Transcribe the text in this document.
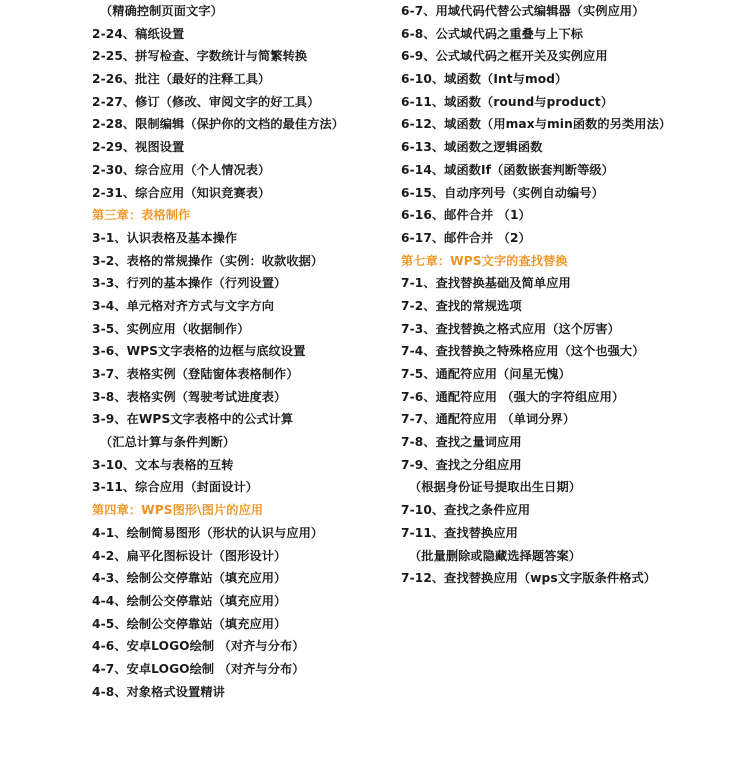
（精确控制页面文字）
2-24、稿纸设置
2-25、拼写检查、字数统计与简繁转换
2-26、批注（最好的注释工具）
2-27、修订（修改、审阅文字的好工具）
2-28、限制编辑（保护你的文档的最佳方法）
2-29、视图设置
2-30、综合应用（个人情况表）
2-31、综合应用（知识竞赛表）
第三章：表格制作
3-1、认识表格及基本操作
3-2、表格的常规操作（实例：收款收据）
3-3、行列的基本操作（行列设置）
3-4、单元格对齐方式与文字方向
3-5、实例应用（收据制作）
3-6、WPS文字表格的边框与底纹设置
3-7、表格实例（登陆窗体表格制作）
3-8、表格实例（驾驶考试进度表）
3-9、在WPS文字表格中的公式计算
（汇总计算与条件判断）
3-10、文本与表格的互转
3-11、综合应用（封面设计）
第四章：WPS图形\图片的应用
4-1、绘制简易图形（形状的认识与应用）
4-2、扁平化图标设计（图形设计）
4-3、绘制公交停靠站（填充应用）
4-4、绘制公交停靠站（填充应用）
4-5、绘制公交停靠站（填充应用）
4-6、安卓LOGO绘制 （对齐与分布）
4-7、安卓LOGO绘制 （对齐与分布）
4-8、对象格式设置精讲
6-7、用域代码代替公式编辑器（实例应用）
6-8、公式域代码之重叠与上下标
6-9、公式域代码之框开关及实例应用
6-10、域函数（Int与mod）
6-11、域函数（round与product）
6-12、域函数（用max与min函数的另类用法）
6-13、域函数之逻辑函数
6-14、域函数If（函数嵌套判断等级）
6-15、自动序列号（实例自动编号）
6-16、邮件合并 （1）
6-17、邮件合并 （2）
第七章：WPS文字的查找替换
7-1、查找替换基础及简单应用
7-2、查找的常规选项
7-3、查找替换之格式应用（这个厉害）
7-4、查找替换之特殊格应用（这个也强大）
7-5、通配符应用（问星无愧）
7-6、通配符应用 （强大的字符组应用）
7-7、通配符应用 （单词分界）
7-8、查找之量词应用
7-9、查找之分组应用
（根据身份证号提取出生日期）
7-10、查找之条件应用
7-11、查找替换应用
（批量删除或隐藏选择题答案）
7-12、查找替换应用（wps文字版条件格式）
